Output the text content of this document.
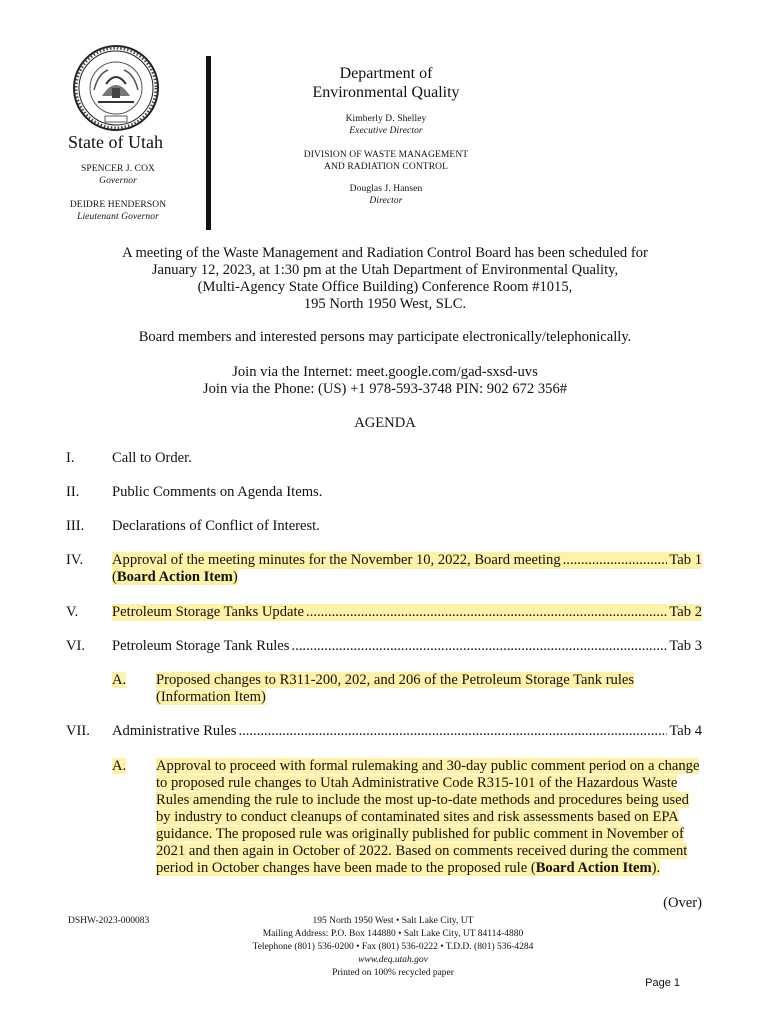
State of Utah
SPENCER J. COX
Governor
DEIDRE HENDERSON
Lieutenant Governor
Department of
Environmental Quality
Kimberly D. Shelley
Executive Director
DIVISION OF WASTE MANAGEMENT
AND RADIATION CONTROL
Douglas J. Hansen
Director
A meeting of the Waste Management and Radiation Control Board has been scheduled for
January 12, 2023, at 1:30 pm at the Utah Department of Environmental Quality,
(Multi-Agency State Office Building) Conference Room #1015,
195 North 1950 West, SLC.
Board members and interested persons may participate electronically/telephonically.
Join via the Internet: meet.google.com/gad-sxsd-uvs
Join via the Phone: (US) +1 978-593-3748 PIN: 902 672 356#
AGENDA
I.	Call to Order.
II. Public Comments on Agenda Items.
III. Declarations of Conflict of Interest.
IV. Approval of the meeting minutes for the November 10, 2022, Board meeting .....	Tab 1
(Board Action Item)
V. Petroleum Storage Tanks Update .....	Tab 2
VI. Petroleum Storage Tank Rules .....	Tab 3
A. Proposed changes to R311-200, 202, and 206 of the Petroleum Storage Tank rules
(Information Item)
VII. Administrative Rules .....	Tab 4
A. Approval to proceed with formal rulemaking and 30-day public comment period on a change
to proposed rule changes to Utah Administrative Code R315-101 of the Hazardous Waste
Rules amending the rule to include the most up-to-date methods and procedures being used
by industry to conduct cleanups of contaminated sites and risk assessments based on EPA
guidance. The proposed rule was originally published for public comment in November of
2021 and then again in October of 2022. Based on comments received during the comment
period in October changes have been made to the proposed rule (Board Action Item).
(Over)
DSHW-2023-000083	195 North 1950 West • Salt Lake City, UT
Mailing Address: P.O. Box 144880 • Salt Lake City, UT 84114-4880
Telephone (801) 536-0200 • Fax (801) 536-0222 • T.D.D. (801) 536-4284
www.deq.utah.gov
Printed on 100% recycled paper
Page 1
